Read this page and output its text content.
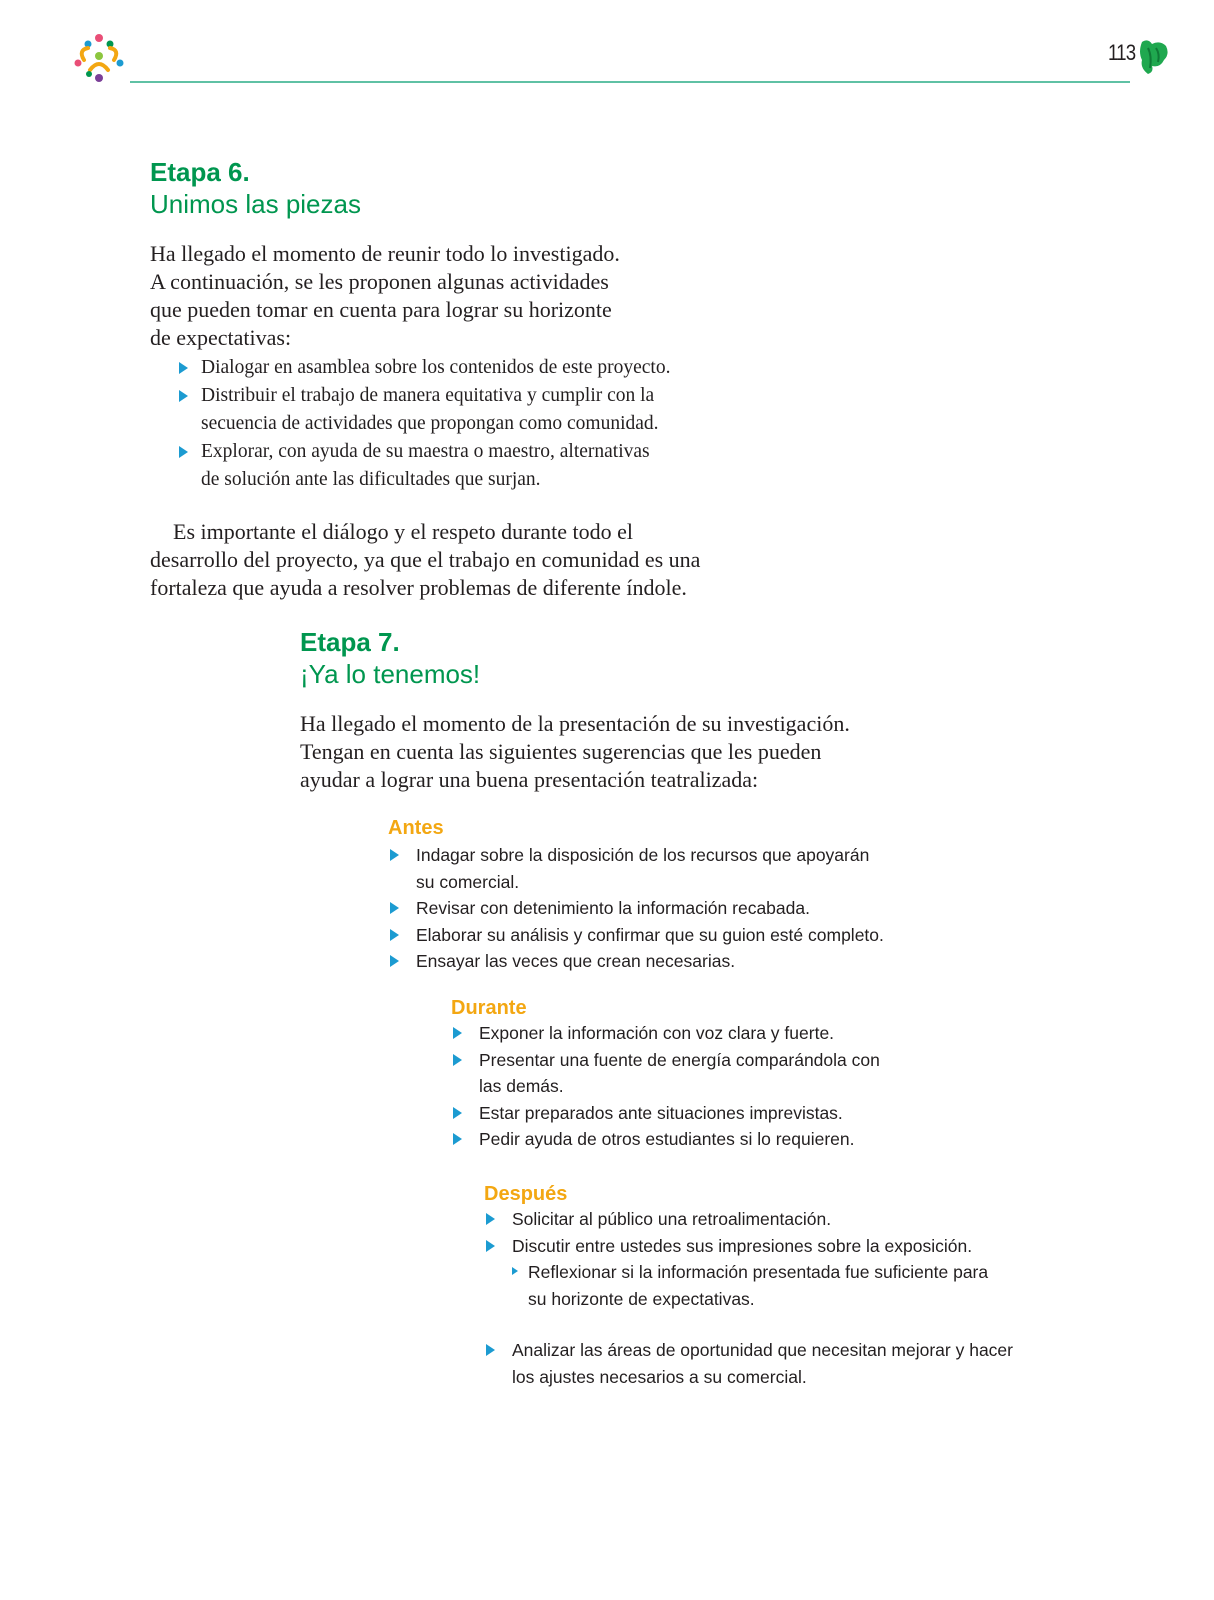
113
Etapa 6.
Unimos las piezas
Ha llegado el momento de reunir todo lo investigado.
A continuación, se les proponen algunas actividades
que pueden tomar en cuenta para lograr su horizonte
de expectativas:
Dialogar en asamblea sobre los contenidos de este proyecto.
Distribuir el trabajo de manera equitativa y cumplir con la
secuencia de actividades que propongan como comunidad.
Explorar, con ayuda de su maestra o maestro, alternativas
de solución ante las dificultades que surjan.
Es importante el diálogo y el respeto durante todo el
desarrollo del proyecto, ya que el trabajo en comunidad es una
fortaleza que ayuda a resolver problemas de diferente índole.
Etapa 7.
¡Ya lo tenemos!
Ha llegado el momento de la presentación de su investigación.
Tengan en cuenta las siguientes sugerencias que les pueden
ayudar a lograr una buena presentación teatralizada:
Antes
Indagar sobre la disposición de los recursos que apoyarán
su comercial.
Revisar con detenimiento la información recabada.
Elaborar su análisis y confirmar que su guion esté completo.
Ensayar las veces que crean necesarias.
Durante
Exponer la información con voz clara y fuerte.
Presentar una fuente de energía comparándola con
las demás.
Estar preparados ante situaciones imprevistas.
Pedir ayuda de otros estudiantes si lo requieren.
Después
Solicitar al público una retroalimentación.
Discutir entre ustedes sus impresiones sobre la exposición.
Reflexionar si la información presentada fue suficiente para
su horizonte de expectativas.
Analizar las áreas de oportunidad que necesitan mejorar y hacer
los ajustes necesarios a su comercial.
